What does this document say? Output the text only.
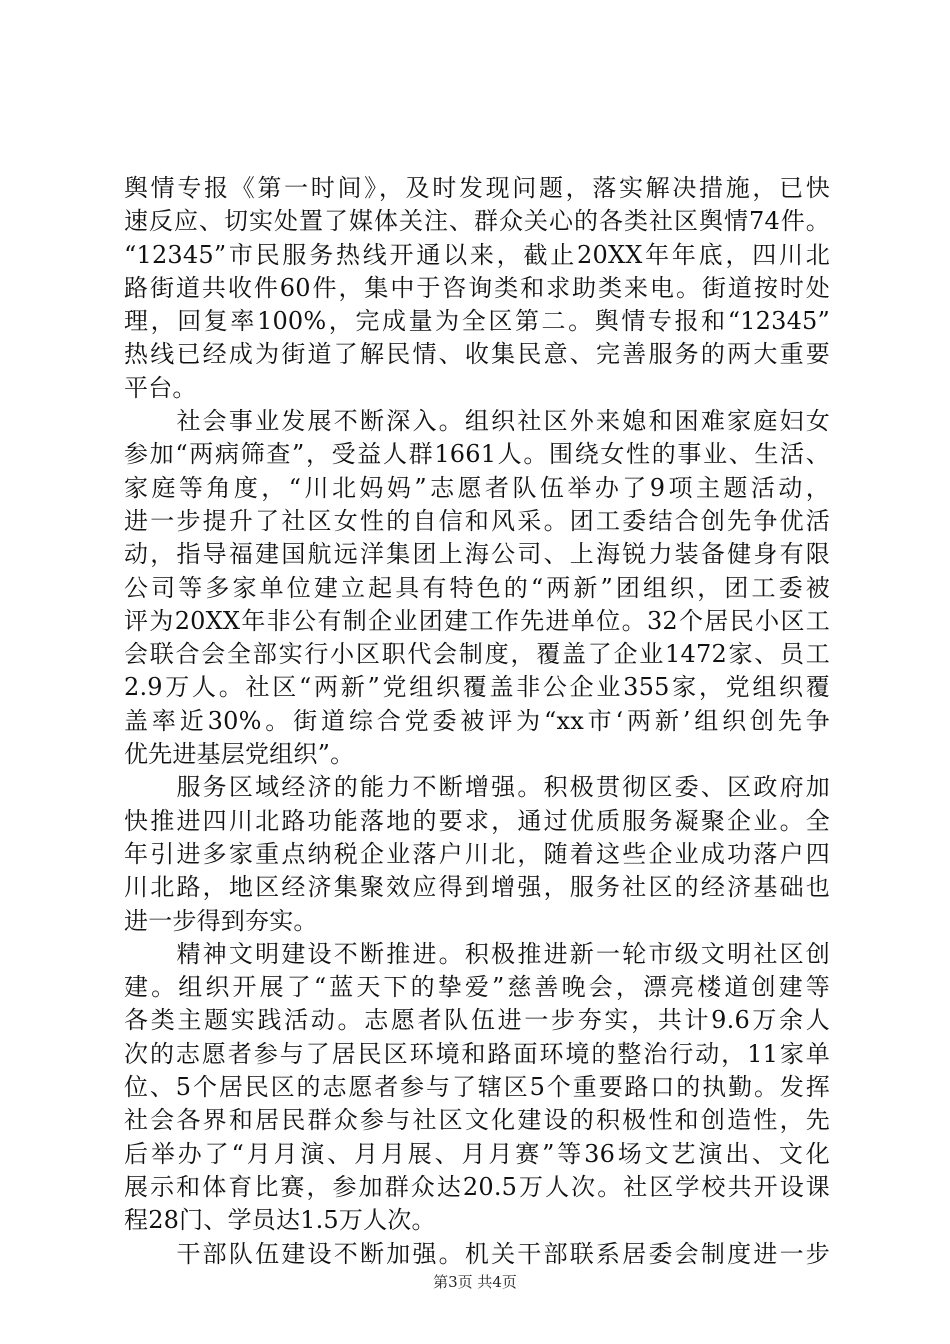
舆情专报《第一时间》，及时发现问题，落实解决措施，已快
速反应、切实处置了媒体关注、群众关心的各类社区舆情74件。
“12345”市民服务热线开通以来，截止20XX年年底，四川北
路街道共收件60件，集中于咨询类和求助类来电。街道按时处
理，回复率100%，完成量为全区第二。舆情专报和“12345”
热线已经成为街道了解民情、收集民意、完善服务的两大重要
平台。
　　社会事业发展不断深入。组织社区外来媳和困难家庭妇女
参加“两病筛查”，受益人群1661人。围绕女性的事业、生活、
家庭等角度，“川北妈妈”志愿者队伍举办了9项主题活动，
进一步提升了社区女性的自信和风采。团工委结合创先争优活
动，指导福建国航远洋集团上海公司、上海锐力装备健身有限
公司等多家单位建立起具有特色的“两新”团组织，团工委被
评为20XX年非公有制企业团建工作先进单位。32个居民小区工
会联合会全部实行小区职代会制度，覆盖了企业1472家、员工
2.9万人。社区“两新”党组织覆盖非公企业355家，党组织覆
盖率近30%。街道综合党委被评为“xx市‘两新’组织创先争
优先进基层党组织”。
　　服务区域经济的能力不断增强。积极贯彻区委、区政府加
快推进四川北路功能落地的要求，通过优质服务凝聚企业。全
年引进多家重点纳税企业落户川北，随着这些企业成功落户四
川北路，地区经济集聚效应得到增强，服务社区的经济基础也
进一步得到夯实。
　　精神文明建设不断推进。积极推进新一轮市级文明社区创
建。组织开展了“蓝天下的挚爱”慈善晚会，漂亮楼道创建等
各类主题实践活动。志愿者队伍进一步夯实，共计9.6万余人
次的志愿者参与了居民区环境和路面环境的整治行动，11家单
位、5个居民区的志愿者参与了辖区5个重要路口的执勤。发挥
社会各界和居民群众参与社区文化建设的积极性和创造性，先
后举办了“月月演、月月展、月月赛”等36场文艺演出、文化
展示和体育比赛，参加群众达20.5万人次。社区学校共开设课
程28门、学员达1.5万人次。
　　干部队伍建设不断加强。机关干部联系居委会制度进一步
第3页 共4页
